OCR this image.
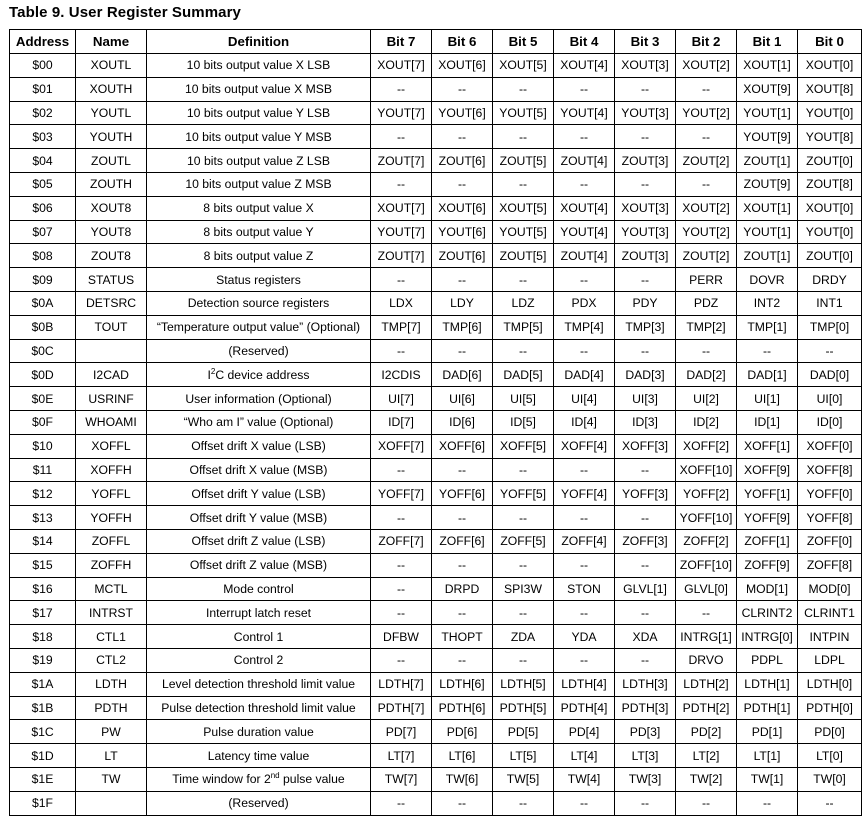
Table 9. User Register Summary
Address	Name	Definition	Bit 7	Bit 6	Bit 5	Bit 4	Bit 3	Bit 2	Bit 1	Bit 0
$00	XOUTL	10 bits output value X LSB	XOUT[7]	XOUT[6]	XOUT[5]	XOUT[4]	XOUT[3]	XOUT[2]	XOUT[1]	XOUT[0]
$01	XOUTH	10 bits output value X MSB	--	--	--	--	--	--	XOUT[9]	XOUT[8]
$02	YOUTL	10 bits output value Y LSB	YOUT[7]	YOUT[6]	YOUT[5]	YOUT[4]	YOUT[3]	YOUT[2]	YOUT[1]	YOUT[0]
$03	YOUTH	10 bits output value Y MSB	--	--	--	--	--	--	YOUT[9]	YOUT[8]
$04	ZOUTL	10 bits output value Z LSB	ZOUT[7]	ZOUT[6]	ZOUT[5]	ZOUT[4]	ZOUT[3]	ZOUT[2]	ZOUT[1]	ZOUT[0]
$05	ZOUTH	10 bits output value Z MSB	--	--	--	--	--	--	ZOUT[9]	ZOUT[8]
$06	XOUT8	8 bits output value X	XOUT[7]	XOUT[6]	XOUT[5]	XOUT[4]	XOUT[3]	XOUT[2]	XOUT[1]	XOUT[0]
$07	YOUT8	8 bits output value Y	YOUT[7]	YOUT[6]	YOUT[5]	YOUT[4]	YOUT[3]	YOUT[2]	YOUT[1]	YOUT[0]
$08	ZOUT8	8 bits output value Z	ZOUT[7]	ZOUT[6]	ZOUT[5]	ZOUT[4]	ZOUT[3]	ZOUT[2]	ZOUT[1]	ZOUT[0]
$09	STATUS	Status registers	--	--	--	--	--	PERR	DOVR	DRDY
$0A	DETSRC	Detection source registers	LDX	LDY	LDZ	PDX	PDY	PDZ	INT2	INT1
$0B	TOUT	“Temperature output value” (Optional)	TMP[7]	TMP[6]	TMP[5]	TMP[4]	TMP[3]	TMP[2]	TMP[1]	TMP[0]
$0C		(Reserved)	--	--	--	--	--	--	--	--
$0D	I2CAD	$I^2C$ device address	I2CDIS	DAD[6]	DAD[5]	DAD[4]	DAD[3]	DAD[2]	DAD[1]	DAD[0]
$0E	USRINF	User information (Optional)	UI[7]	UI[6]	UI[5]	UI[4]	UI[3]	UI[2]	UI[1]	UI[0]
$0F	WHOAMI	“Who am I” value (Optional)	ID[7]	ID[6]	ID[5]	ID[4]	ID[3]	ID[2]	ID[1]	ID[0]
$10	XOFFL	Offset drift X value (LSB)	XOFF[7]	XOFF[6]	XOFF[5]	XOFF[4]	XOFF[3]	XOFF[2]	XOFF[1]	XOFF[0]
$11	XOFFH	Offset drift X value (MSB)	--	--	--	--	--	XOFF[10]	XOFF[9]	XOFF[8]
$12	YOFFL	Offset drift Y value (LSB)	YOFF[7]	YOFF[6]	YOFF[5]	YOFF[4]	YOFF[3]	YOFF[2]	YOFF[1]	YOFF[0]
$13	YOFFH	Offset drift Y value (MSB)	--	--	--	--	--	YOFF[10]	YOFF[9]	YOFF[8]
$14	ZOFFL	Offset drift Z value (LSB)	ZOFF[7]	ZOFF[6]	ZOFF[5]	ZOFF[4]	ZOFF[3]	ZOFF[2]	ZOFF[1]	ZOFF[0]
$15	ZOFFH	Offset drift Z value (MSB)	--	--	--	--	--	ZOFF[10]	ZOFF[9]	ZOFF[8]
$16	MCTL	Mode control	--	DRPD	SPI3W	STON	GLVL[1]	GLVL[0]	MOD[1]	MOD[0]
$17	INTRST	Interrupt latch reset	--	--	--	--	--	--	CLRINT2	CLRINT1
$18	CTL1	Control 1	DFBW	THOPT	ZDA	YDA	XDA	INTRG[1]	INTRG[0]	INTPIN
$19	CTL2	Control 2	--	--	--	--	--	DRVO	PDPL	LDPL
$1A	LDTH	Level detection threshold limit value	LDTH[7]	LDTH[6]	LDTH[5]	LDTH[4]	LDTH[3]	LDTH[2]	LDTH[1]	LDTH[0]
$1B	PDTH	Pulse detection threshold limit value	PDTH[7]	PDTH[6]	PDTH[5]	PDTH[4]	PDTH[3]	PDTH[2]	PDTH[1]	PDTH[0]
$1C	PW	Pulse duration value	PD[7]	PD[6]	PD[5]	PD[4]	PD[3]	PD[2]	PD[1]	PD[0]
$1D	LT	Latency time value	LT[7]	LT[6]	LT[5]	LT[4]	LT[3]	LT[2]	LT[1]	LT[0]
$1E	TW	Time window for 2nd pulse value	TW[7]	TW[6]	TW[5]	TW[4]	TW[3]	TW[2]	TW[1]	TW[0]
$1F		(Reserved)	--	--	--	--	--	--	--	--
